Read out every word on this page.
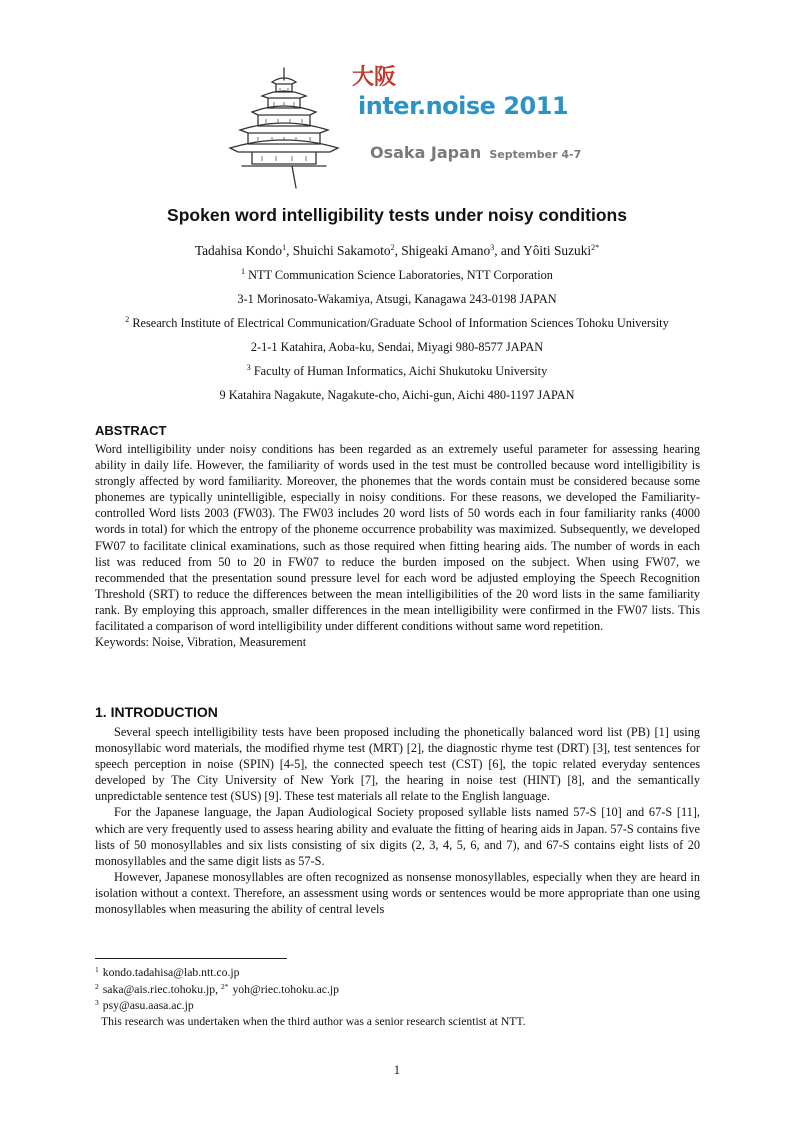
大阪
inter.noise 2011
Osaka Japan September 4-7
Spoken word intelligibility tests under noisy conditions
Tadahisa Kondo$^1$, Shuichi Sakamoto$^2$, Shigeaki Amano$^3$, and Yôiti Suzuki$^{2*}$
$^1$ NTT Communication Science Laboratories, NTT Corporation
3-1 Morinosato-Wakamiya, Atsugi, Kanagawa 243-0198 JAPAN
$^2$ Research Institute of Electrical Communication/Graduate School of Information Sciences Tohoku University
2-1-1 Katahira, Aoba-ku, Sendai, Miyagi 980-8577 JAPAN
$^3$ Faculty of Human Informatics, Aichi Shukutoku University
9 Katahira Nagakute, Nagakute-cho, Aichi-gun, Aichi 480-1197 JAPAN
ABSTRACT

Word intelligibility under noisy conditions has been regarded as an extremely useful parameter for assessing hearing ability in daily life. However, the familiarity of words used in the test must be controlled because word intelligibility is strongly affected by word familiarity. Moreover, the phonemes that the words contain must be considered because some phonemes are typically unintelligible, especially in noisy conditions. For these reasons, we developed the Familiarity-controlled Word lists 2003 (FW03). The FW03 includes 20 word lists of 50 words each in four familiarity ranks (4000 words in total) for which the entropy of the phoneme occurrence probability was maximized. Subsequently, we developed FW07 to facilitate clinical examinations, such as those required when fitting hearing aids. The number of words in each list was reduced from 50 to 20 in FW07 to reduce the burden imposed on the subject. When using FW07, we recommended that the presentation sound pressure level for each word be adjusted employing the Speech Recognition Threshold (SRT) to reduce the differences between the mean intelligibilities of the 20 word lists in the same familiarity rank. By employing this approach, smaller differences in the mean intelligibility were confirmed in the FW07 lists. This facilitated a comparison of word intelligibility under different conditions without same word repetition.

Keywords: Noise, Vibration, Measurement

1. INTRODUCTION

Several speech intelligibility tests have been proposed including the phonetically balanced word list (PB) [1] using monosyllabic word materials, the modified rhyme test (MRT) [2], the diagnostic rhyme test (DRT) [3], test sentences for speech perception in noise (SPIN) [4-5], the connected speech test (CST) [6], the topic related everyday sentences developed by The City University of New York [7], the hearing in noise test (HINT) [8], and the semantically unpredictable sentence test (SUS) [9]. These test materials all relate to the English language.

For the Japanese language, the Japan Audiological Society proposed syllable lists named 57-S [10] and 67-S [11], which are very frequently used to assess hearing ability and evaluate the fitting of hearing aids in Japan. 57-S contains five lists of 50 monosyllables and six lists consisting of six digits (2, 3, 4, 5, 6, and 7), and 67-S contains eight lists of 20 monosyllables and the same digit lists as 57-S.

However, Japanese monosyllables are often recognized as nonsense monosyllables, especially when they are heard in isolation without a context. Therefore, an assessment using words or sentences would be more appropriate than one using monosyllables when measuring the ability of central levels

$^1$ kondo.tadahisa@lab.ntt.co.jp
$^2$ saka@ais.riec.tohoku.jp, $^{2*}$ yoh@riec.tohoku.ac.jp
$^3$ psy@asu.aasa.ac.jp
This research was undertaken when the third author was a senior research scientist at NTT.
1
